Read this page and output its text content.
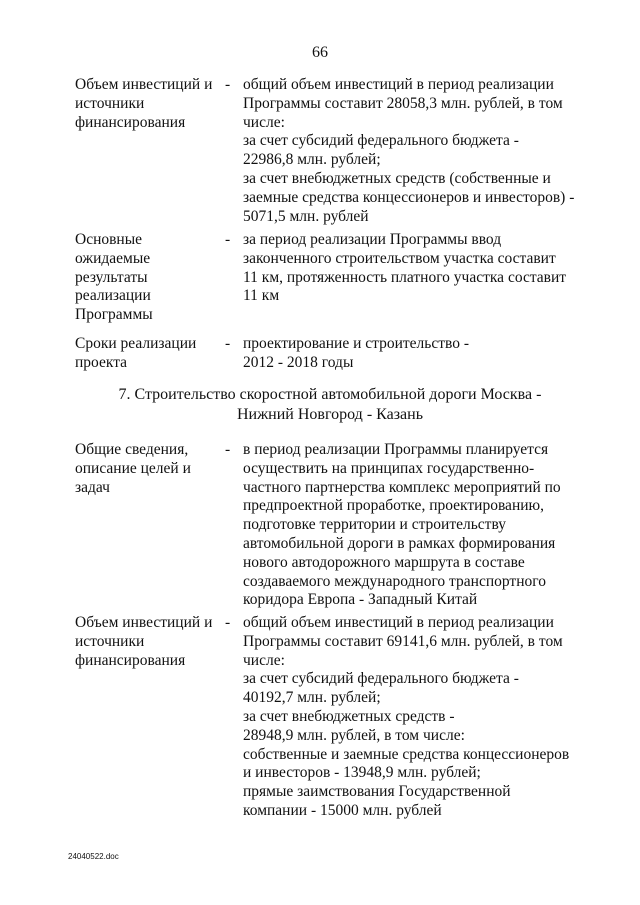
66
Объем инвестиций и
источники
финансирования
- общий объем инвестиций в период реализации
Программы составит 28058,3 млн. рублей, в том
числе:
за счет субсидий федерального бюджета -
22986,8 млн. рублей;
за счет внебюджетных средств (собственные и
заемные средства концессионеров и инвесторов) -
5071,5 млн. рублей
Основные
ожидаемые
результаты
реализации
Программы
- за период реализации Программы ввод
законченного строительством участка составит
11 км, протяженность платного участка составит
11 км
Сроки реализации
проекта
- проектирование и строительство -
2012 - 2018 годы
7. Строительство скоростной автомобильной дороги Москва -
Нижний Новгород - Казань
Общие сведения,
описание целей и
задач
- в период реализации Программы планируется
осуществить на принципах государственно-
частного партнерства комплекс мероприятий по
предпроектной проработке, проектированию,
подготовке территории и строительству
автомобильной дороги в рамках формирования
нового автодорожного маршрута в составе
создаваемого международного транспортного
коридора Европа - Западный Китай
Объем инвестиций и
источники
финансирования
- общий объем инвестиций в период реализации
Программы составит 69141,6 млн. рублей, в том
числе:
за счет субсидий федерального бюджета -
40192,7 млн. рублей;
за счет внебюджетных средств -
28948,9 млн. рублей, в том числе:
собственные и заемные средства концессионеров
и инвесторов - 13948,9 млн. рублей;
прямые заимствования Государственной
компании - 15000 млн. рублей
24040522.doc
